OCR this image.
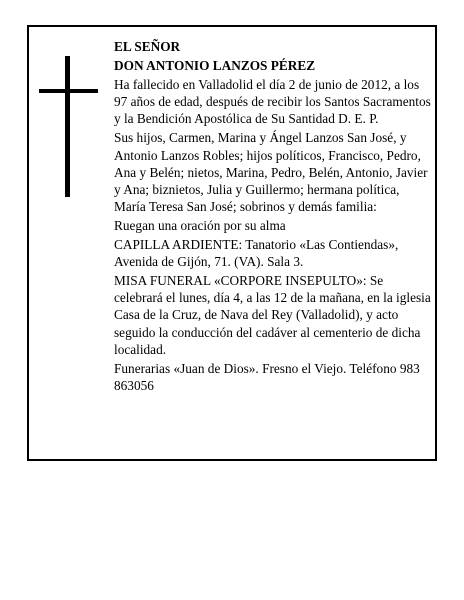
EL SEÑOR

DON ANTONIO LANZOS PÉREZ

Ha fallecido en Valladolid el día 2 de junio de 2012, a los 97 años de edad, después de recibir los Santos Sacramentos y la Bendición Apostólica de Su Santidad D. E. P.

Sus hijos, Carmen, Marina y Ángel Lanzos San José, y Antonio Lanzos Robles; hijos políticos, Francisco, Pedro, Ana y Belén; nietos, Marina, Pedro, Belén, Antonio, Javier y Ana; biznietos, Julia y Guillermo; hermana política, María Teresa San José; sobrinos y demás familia:

Ruegan una oración por su alma

CAPILLA ARDIENTE: Tanatorio «Las Contiendas», Avenida de Gijón, 71. (VA). Sala 3.

MISA FUNERAL «CORPORE INSEPULTO»: Se celebrará el lunes, día 4, a las 12 de la mañana, en la iglesia Casa de la Cruz, de Nava del Rey (Valladolid), y acto seguido la conducción del cadáver al cementerio de dicha localidad.

Funerarias «Juan de Dios». Fresno el Viejo. Teléfono 983 863056
